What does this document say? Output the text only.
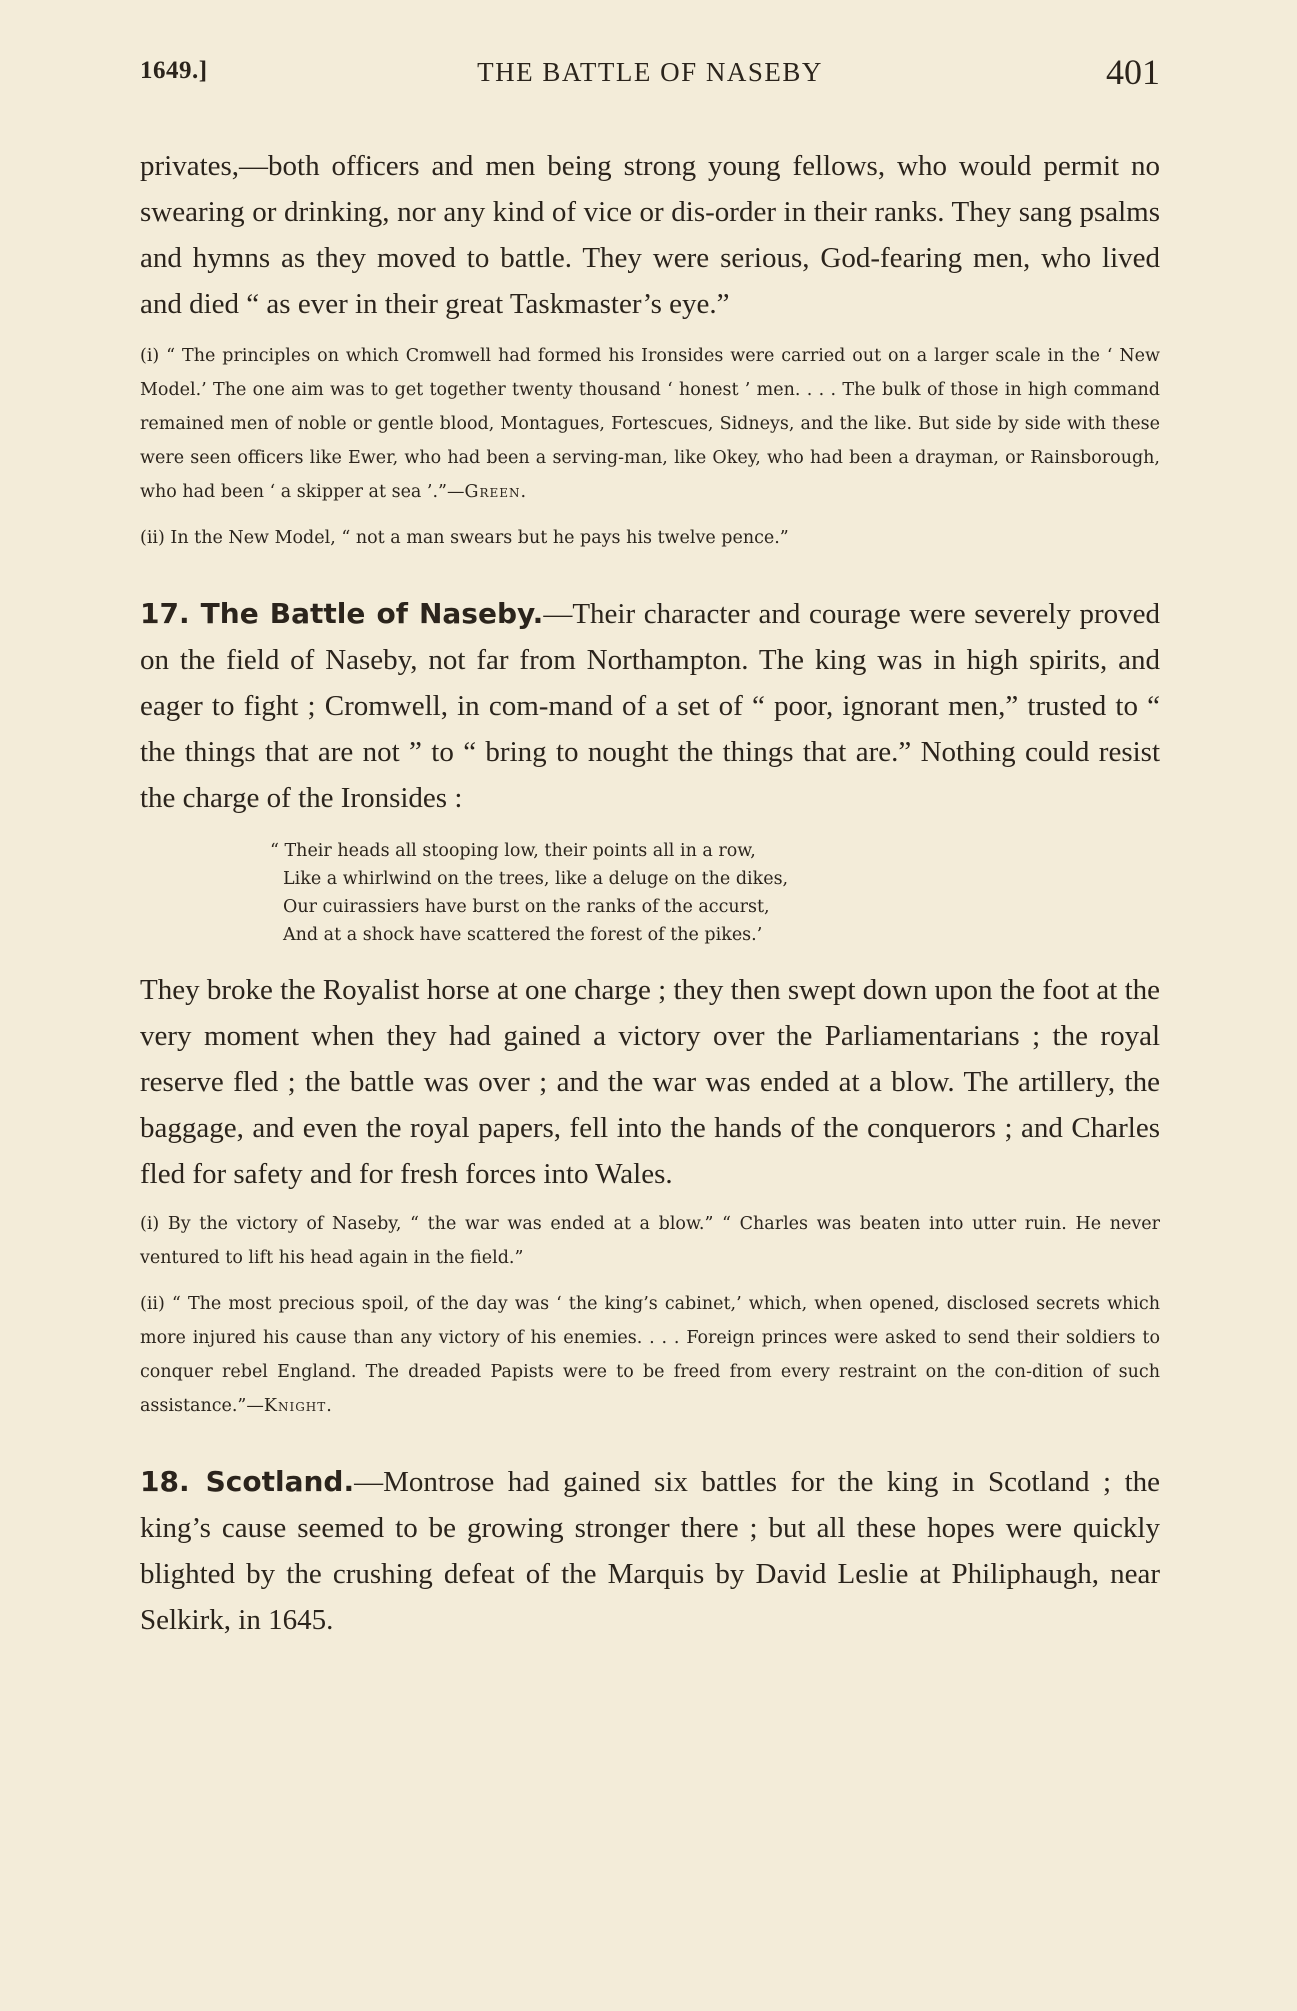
1649.]	THE BATTLE OF NASEBY	401

privates,—both officers and men being strong young fellows, who would permit no swearing or drinking, nor any kind of vice or dis-order in their ranks. They sang psalms and hymns as they moved to battle. They were serious, God-fearing men, who lived and died “ as ever in their great Taskmaster’s eye.”

(i) “ The principles on which Cromwell had formed his Ironsides were carried out on a larger scale in the ‘ New Model.’ The one aim was to get together twenty thousand ‘ honest ’ men. . . . The bulk of those in high command remained men of noble or gentle blood, Montagues, Fortescues, Sidneys, and the like. But side by side with these were seen officers like Ewer, who had been a serving-man, like Okey, who had been a drayman, or Rainsborough, who had been ‘ a skipper at sea ’.”—Green.

(ii) In the New Model, “ not a man swears but he pays his twelve pence.”

17. The Battle of Naseby.—Their character and courage were severely proved on the field of Naseby, not far from Northampton. The king was in high spirits, and eager to fight ; Cromwell, in com-mand of a set of “ poor, ignorant men,” trusted to “ the things that are not ” to “ bring to nought the things that are.” Nothing could resist the charge of the Ironsides :

“ Their heads all stooping low, their points all in a row,
Like a whirlwind on the trees, like a deluge on the dikes,
Our cuirassiers have burst on the ranks of the accurst,
And at a shock have scattered the forest of the pikes.’

They broke the Royalist horse at one charge ; they then swept down upon the foot at the very moment when they had gained a victory over the Parliamentarians ; the royal reserve fled ; the battle was over ; and the war was ended at a blow. The artillery, the baggage, and even the royal papers, fell into the hands of the conquerors ; and Charles fled for safety and for fresh forces into Wales.

(i) By the victory of Naseby, “ the war was ended at a blow.” “ Charles was beaten into utter ruin. He never ventured to lift his head again in the field.”

(ii) “ The most precious spoil, of the day was ‘ the king’s cabinet,’ which, when opened, disclosed secrets which more injured his cause than any victory of his enemies. . . . Foreign princes were asked to send their soldiers to conquer rebel England. The dreaded Papists were to be freed from every restraint on the con-dition of such assistance.”—Knight.

18. Scotland.—Montrose had gained six battles for the king in Scotland ; the king’s cause seemed to be growing stronger there ; but all these hopes were quickly blighted by the crushing defeat of the Marquis by David Leslie at Philiphaugh, near Selkirk, in 1645.
